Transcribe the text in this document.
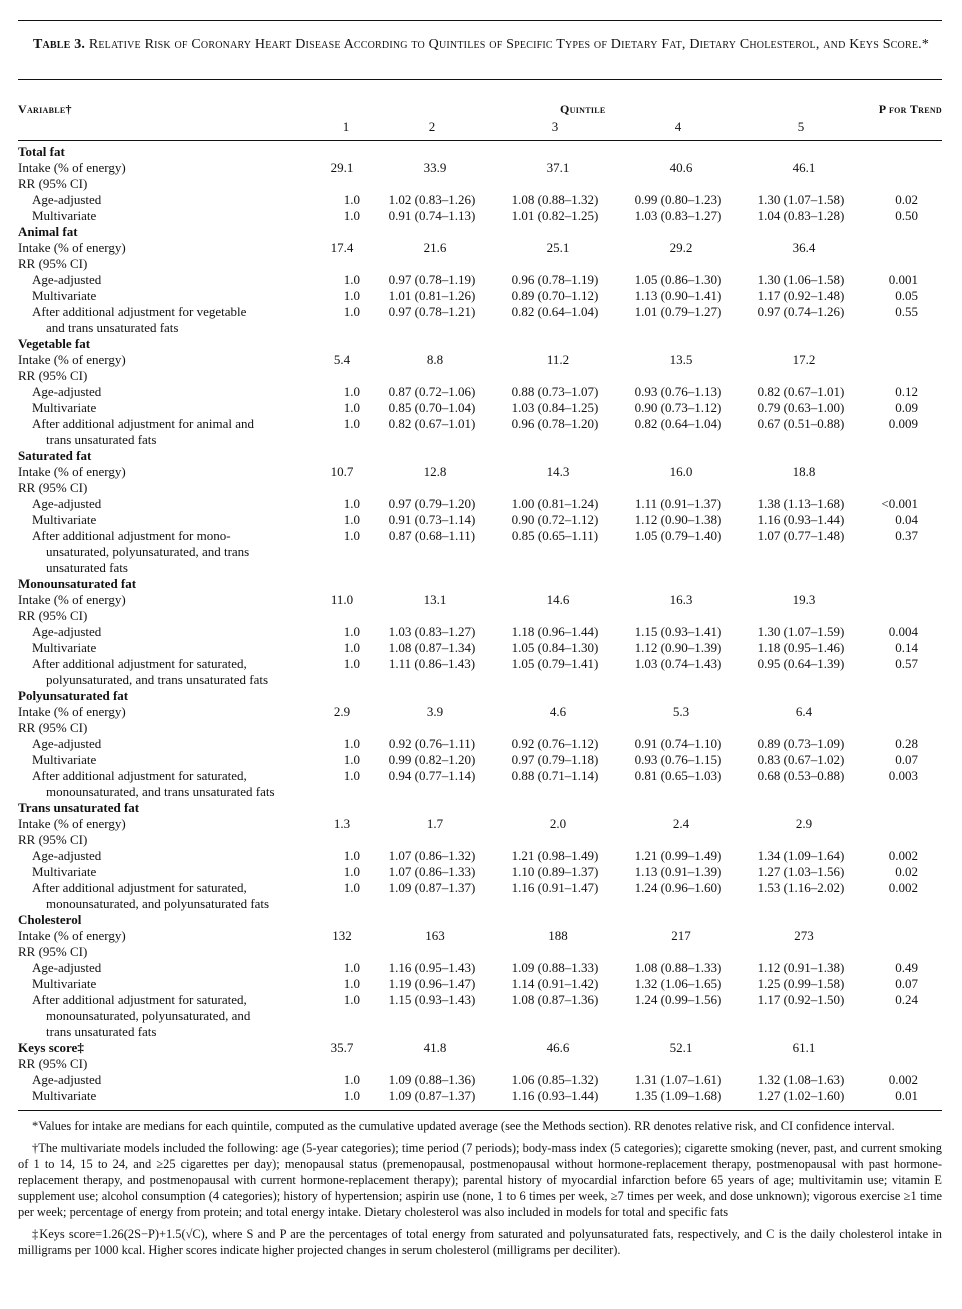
Table 3. Relative Risk of Coronary Heart Disease According to Quintiles of Specific Types of Dietary Fat, Dietary Cholesterol, and Keys Score.*
Variable†	Quintile	P for Trend
1	2	3	4	5
Total fat
Intake (% of energy)	29.1	33.9	37.1	40.6	46.1
RR (95% CI)
Age-adjusted	1.0	1.02 (0.83–1.26)	1.08 (0.88–1.32)	0.99 (0.80–1.23)	1.30 (1.07–1.58)	0.02
Multivariate	1.0	0.91 (0.74–1.13)	1.01 (0.82–1.25)	1.03 (0.83–1.27)	1.04 (0.83–1.28)	0.50
Animal fat
Intake (% of energy)	17.4	21.6	25.1	29.2	36.4
RR (95% CI)
Age-adjusted	1.0	0.97 (0.78–1.19)	0.96 (0.78–1.19)	1.05 (0.86–1.30)	1.30 (1.06–1.58)	0.001
Multivariate	1.0	1.01 (0.81–1.26)	0.89 (0.70–1.12)	1.13 (0.90–1.41)	1.17 (0.92–1.48)	0.05
After additional adjustment for vegetable	1.0	0.97 (0.78–1.21)	0.82 (0.64–1.04)	1.01 (0.79–1.27)	0.97 (0.74–1.26)	0.55
and trans unsaturated fats
Vegetable fat
Intake (% of energy)	5.4	8.8	11.2	13.5	17.2
RR (95% CI)
Age-adjusted	1.0	0.87 (0.72–1.06)	0.88 (0.73–1.07)	0.93 (0.76–1.13)	0.82 (0.67–1.01)	0.12
Multivariate	1.0	0.85 (0.70–1.04)	1.03 (0.84–1.25)	0.90 (0.73–1.12)	0.79 (0.63–1.00)	0.09
After additional adjustment for animal and	1.0	0.82 (0.67–1.01)	0.96 (0.78–1.20)	0.82 (0.64–1.04)	0.67 (0.51–0.88)	0.009
trans unsaturated fats
Saturated fat
Intake (% of energy)	10.7	12.8	14.3	16.0	18.8
RR (95% CI)
Age-adjusted	1.0	0.97 (0.79–1.20)	1.00 (0.81–1.24)	1.11 (0.91–1.37)	1.38 (1.13–1.68)	<0.001
Multivariate	1.0	0.91 (0.73–1.14)	0.90 (0.72–1.12)	1.12 (0.90–1.38)	1.16 (0.93–1.44)	0.04
After additional adjustment for mono-	1.0	0.87 (0.68–1.11)	0.85 (0.65–1.11)	1.05 (0.79–1.40)	1.07 (0.77–1.48)	0.37
unsaturated, polyunsaturated, and trans
unsaturated fats
Monounsaturated fat
Intake (% of energy)	11.0	13.1	14.6	16.3	19.3
RR (95% CI)
Age-adjusted	1.0	1.03 (0.83–1.27)	1.18 (0.96–1.44)	1.15 (0.93–1.41)	1.30 (1.07–1.59)	0.004
Multivariate	1.0	1.08 (0.87–1.34)	1.05 (0.84–1.30)	1.12 (0.90–1.39)	1.18 (0.95–1.46)	0.14
After additional adjustment for saturated,	1.0	1.11 (0.86–1.43)	1.05 (0.79–1.41)	1.03 (0.74–1.43)	0.95 (0.64–1.39)	0.57
polyunsaturated, and trans unsaturated fats
Polyunsaturated fat
Intake (% of energy)	2.9	3.9	4.6	5.3	6.4
RR (95% CI)
Age-adjusted	1.0	0.92 (0.76–1.11)	0.92 (0.76–1.12)	0.91 (0.74–1.10)	0.89 (0.73–1.09)	0.28
Multivariate	1.0	0.99 (0.82–1.20)	0.97 (0.79–1.18)	0.93 (0.76–1.15)	0.83 (0.67–1.02)	0.07
After additional adjustment for saturated,	1.0	0.94 (0.77–1.14)	0.88 (0.71–1.14)	0.81 (0.65–1.03)	0.68 (0.53–0.88)	0.003
monounsaturated, and trans unsaturated fats
Trans unsaturated fat
Intake (% of energy)	1.3	1.7	2.0	2.4	2.9
RR (95% CI)
Age-adjusted	1.0	1.07 (0.86–1.32)	1.21 (0.98–1.49)	1.21 (0.99–1.49)	1.34 (1.09–1.64)	0.002
Multivariate	1.0	1.07 (0.86–1.33)	1.10 (0.89–1.37)	1.13 (0.91–1.39)	1.27 (1.03–1.56)	0.02
After additional adjustment for saturated,	1.0	1.09 (0.87–1.37)	1.16 (0.91–1.47)	1.24 (0.96–1.60)	1.53 (1.16–2.02)	0.002
monounsaturated, and polyunsaturated fats
Cholesterol
Intake (% of energy)	132	163	188	217	273
RR (95% CI)
Age-adjusted	1.0	1.16 (0.95–1.43)	1.09 (0.88–1.33)	1.08 (0.88–1.33)	1.12 (0.91–1.38)	0.49
Multivariate	1.0	1.19 (0.96–1.47)	1.14 (0.91–1.42)	1.32 (1.06–1.65)	1.25 (0.99–1.58)	0.07
After additional adjustment for saturated,	1.0	1.15 (0.93–1.43)	1.08 (0.87–1.36)	1.24 (0.99–1.56)	1.17 (0.92–1.50)	0.24
monounsaturated, polyunsaturated, and
trans unsaturated fats
Keys score‡	35.7	41.8	46.6	52.1	61.1
RR (95% CI)
Age-adjusted	1.0	1.09 (0.88–1.36)	1.06 (0.85–1.32)	1.31 (1.07–1.61)	1.32 (1.08–1.63)	0.002
Multivariate	1.0	1.09 (0.87–1.37)	1.16 (0.93–1.44)	1.35 (1.09–1.68)	1.27 (1.02–1.60)	0.01

*Values for intake are medians for each quintile, computed as the cumulative updated average (see the Methods section). RR denotes relative risk, and CI confidence interval.

†The multivariate models included the following: age (5-year categories); time period (7 periods); body-mass index (5 categories); cigarette smoking (never, past, and current smoking of 1 to 14, 15 to 24, and ≥25 cigarettes per day); menopausal status (premenopausal, postmenopausal without hormone-replacement therapy, postmenopausal with past hormone-replacement therapy, and postmenopausal with current hormone-replacement therapy); parental history of myocardial infarction before 65 years of age; multivitamin use; vitamin E supplement use; alcohol consumption (4 categories); history of hypertension; aspirin use (none, 1 to 6 times per week, ≥7 times per week, and dose unknown); vigorous exercise ≥1 time per week; percentage of energy from protein; and total energy intake. Dietary cholesterol was also included in models for total and specific fats

‡Keys score=1.26(2S−P)+1.5(√C), where S and P are the percentages of total energy from saturated and polyunsaturated fats, respectively, and C is the daily cholesterol intake in milligrams per 1000 kcal. Higher scores indicate higher projected changes in serum cholesterol (milligrams per deciliter).
